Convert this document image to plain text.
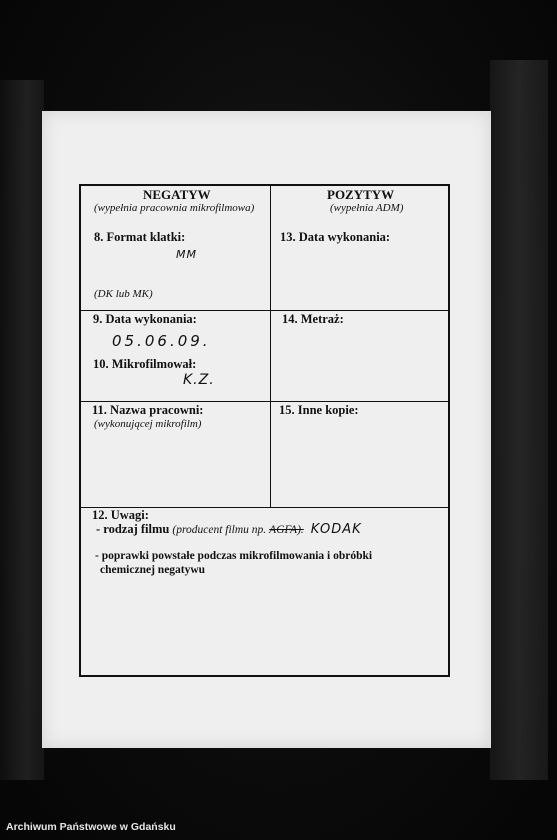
NEGATYW
(wypełnia pracownia mikrofilmowa)
POZYTYW
(wypełnia ADM)
8. Format klatki:
MM
(DK lub MK)
13. Data wykonania:
9. Data wykonania:
05.06.09.
14. Metraż:
10. Mikrofilmował:
K.Z.
11. Nazwa pracowni:
(wykonującej mikrofilm)
15. Inne kopie:
12. Uwagi:
- rodzaj filmu (producent filmu np. AGFA). KODAK
- poprawki powstałe podczas mikrofilmowania i obróbki
chemicznej negatywu
Archiwum Państwowe w Gdańsku
